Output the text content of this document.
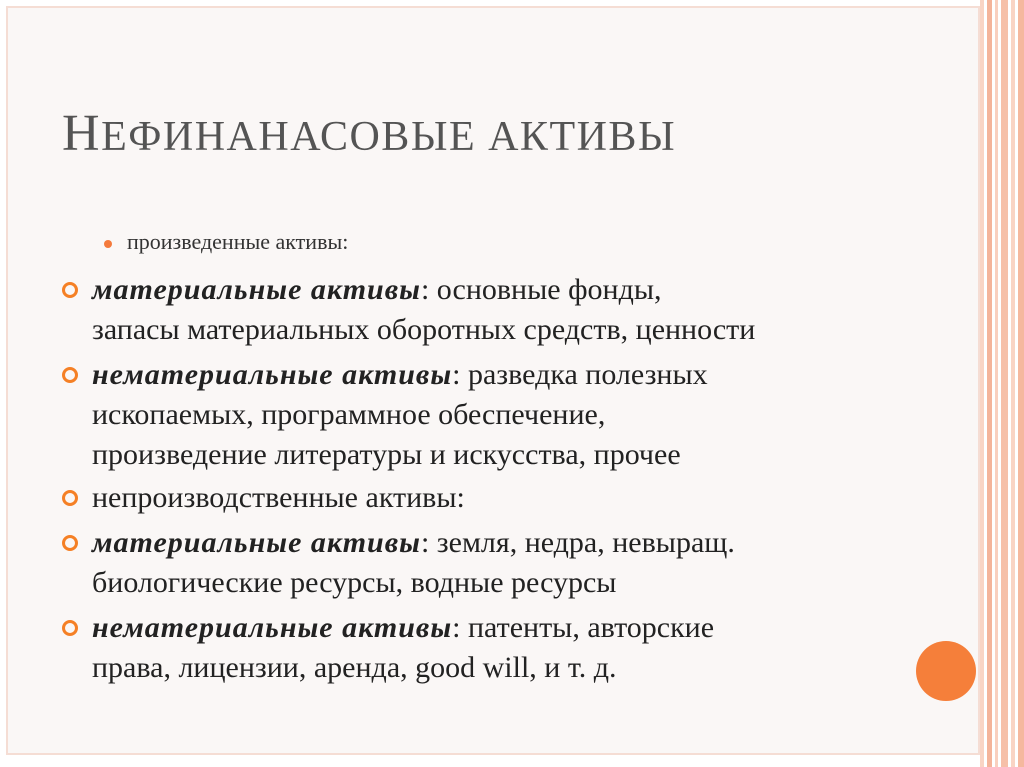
НЕФИНАНАСОВЫЕ АКТИВЫ
произведенные активы:
материальные активы: основные фонды,
запасы материальных оборотных средств, ценности
нематериальные активы: разведка полезных
ископаемых, программное обеспечение,
произведение литературы и искусства, прочее
непроизводственные активы:
материальные активы: земля, недра, невыращ.
биологические ресурсы, водные ресурсы
нематериальные активы: патенты, авторские
права, лицензии, аренда, good will, и т. д.
